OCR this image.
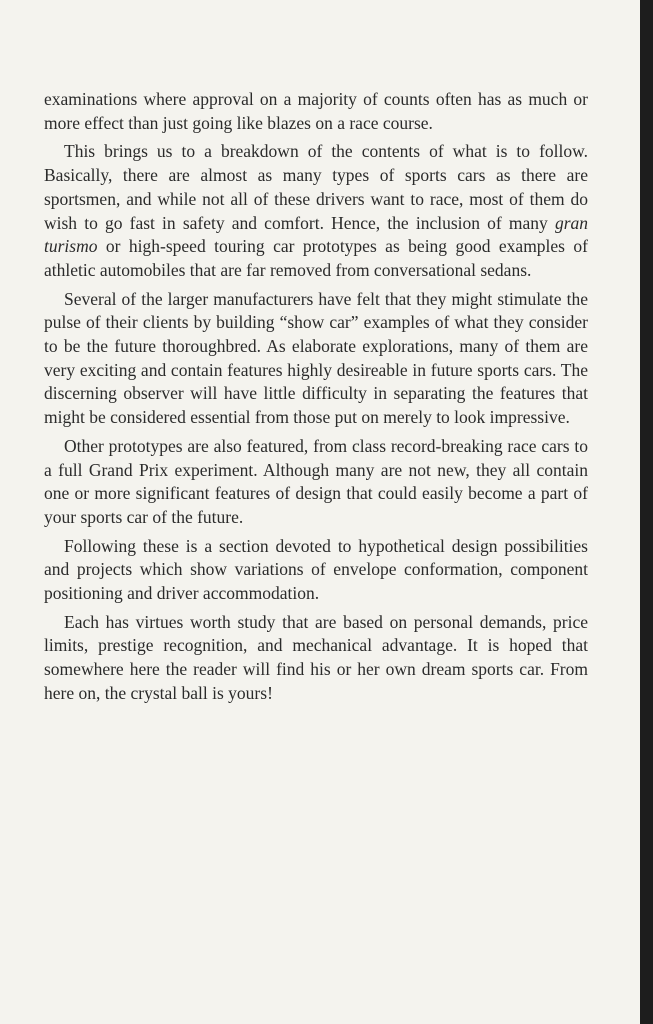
examinations where approval on a majority of counts often has as much or more effect than just going like blazes on a race course.

This brings us to a breakdown of the contents of what is to follow. Basically, there are almost as many types of sports cars as there are sportsmen, and while not all of these drivers want to race, most of them do wish to go fast in safety and comfort. Hence, the inclusion of many gran turismo or high-speed touring car prototypes as being good examples of athletic automobiles that are far removed from conversational sedans.

Several of the larger manufacturers have felt that they might stimulate the pulse of their clients by building “show car” examples of what they consider to be the future thoroughbred. As elaborate explorations, many of them are very exciting and contain features highly desireable in future sports cars. The discerning observer will have little difficulty in separating the features that might be considered essential from those put on merely to look impressive.

Other prototypes are also featured, from class record-breaking race cars to a full Grand Prix experiment. Although many are not new, they all contain one or more significant features of design that could easily become a part of your sports car of the future.

Following these is a section devoted to hypothetical design possibilities and projects which show variations of envelope conformation, component positioning and driver accommodation.

Each has virtues worth study that are based on personal demands, price limits, prestige recognition, and mechanical advantage. It is hoped that somewhere here the reader will find his or her own dream sports car. From here on, the crystal ball is yours!
